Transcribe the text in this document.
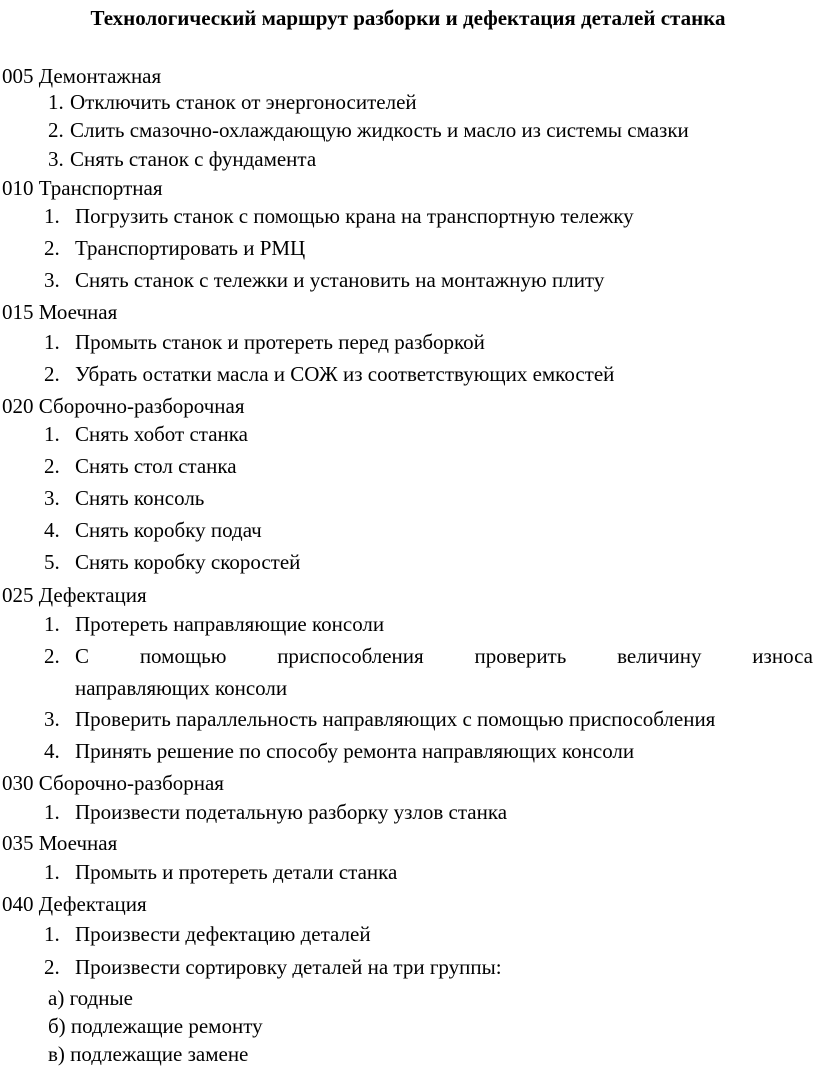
Технологический маршрут разборки и дефектация деталей станка
005 Демонтажная
1. Отключить станок от энергоносителей
2. Слить смазочно-охлаждающую жидкость и масло из системы смазки
3. Снять станок с фундамента
010 Транспортная
1. Погрузить станок с помощью крана на транспортную тележку
2. Транспортировать и РМЦ
3. Снять станок с тележки и установить на монтажную плиту
015 Моечная
1. Промыть станок и протереть перед разборкой
2. Убрать остатки масла и СОЖ из соответствующих емкостей
020 Сборочно-разборочная
1. Снять хобот станка
2. Снять стол станка
3. Снять консоль
4. Снять коробку подач
5. Снять коробку скоростей
025 Дефектация
1. Протереть направляющие консоли
2. С помощью приспособления проверить величину износа
направляющих консоли
3. Проверить параллельность направляющих с помощью приспособления
4. Принять решение по способу ремонта направляющих консоли
030 Сборочно-разборная
1. Произвести подетальную разборку узлов станка
035 Моечная
1. Промыть и протереть детали станка
040 Дефектация
1. Произвести дефектацию деталей
2. Произвести сортировку деталей на три группы:
а) годные
б) подлежащие ремонту
в) подлежащие замене
